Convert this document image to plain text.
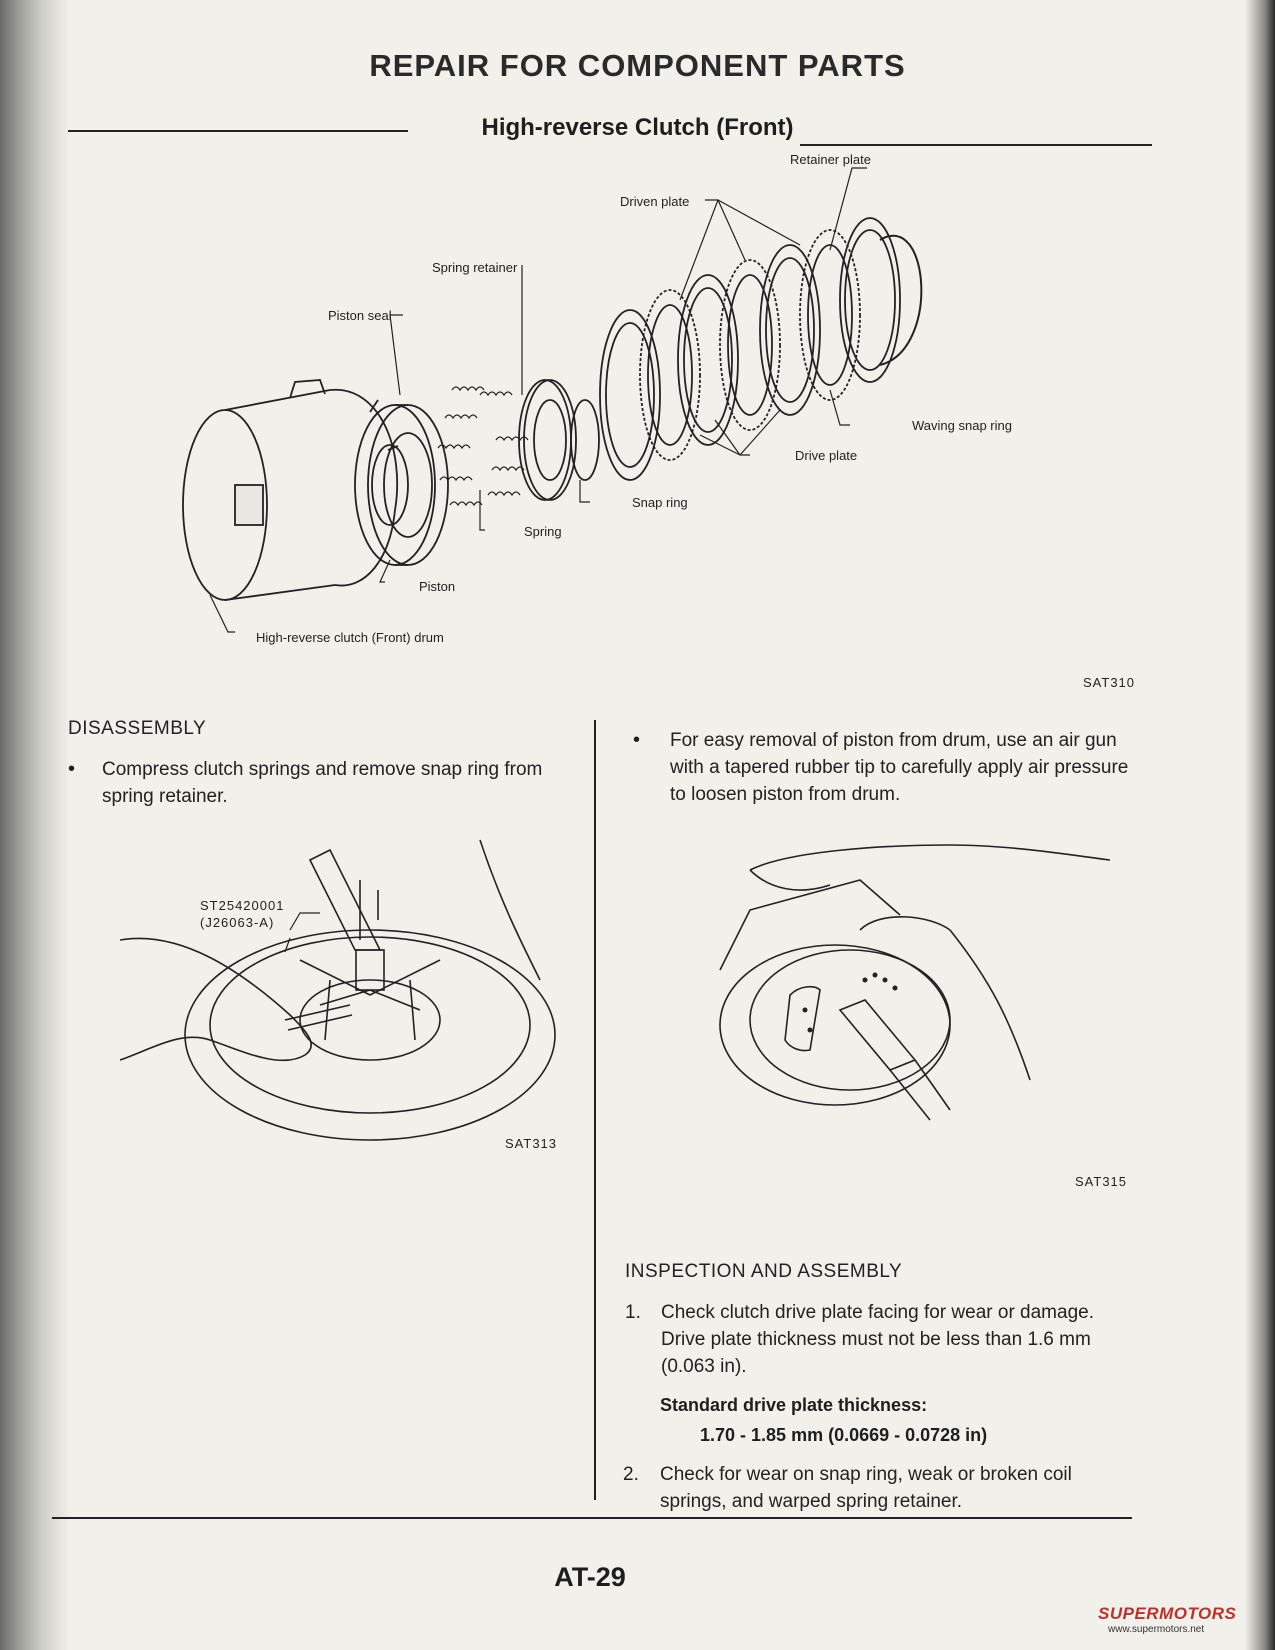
REPAIR FOR COMPONENT PARTS
High-reverse Clutch (Front)
Retainer plate
Driven plate
Spring retainer
Piston seal
Waving snap ring
Drive plate
Snap ring
Spring
Piston
High-reverse clutch (Front) drum
SAT310
DISASSEMBLY
• Compress clutch springs and remove snap ring from spring retainer.
ST25420001
(J26063-A)
SAT313
• For easy removal of piston from drum, use an air gun with a tapered rubber tip to carefully apply air pressure to loosen piston from drum.
SAT315
INSPECTION AND ASSEMBLY
1. Check clutch drive plate facing for wear or damage. Drive plate thickness must not be less than 1.6 mm (0.063 in).
Standard drive plate thickness:
1.70 - 1.85 mm (0.0669 - 0.0728 in)
2. Check for wear on snap ring, weak or broken coil springs, and warped spring retainer.
AT-29
SUPERMOTORS
www.supermotors.net
